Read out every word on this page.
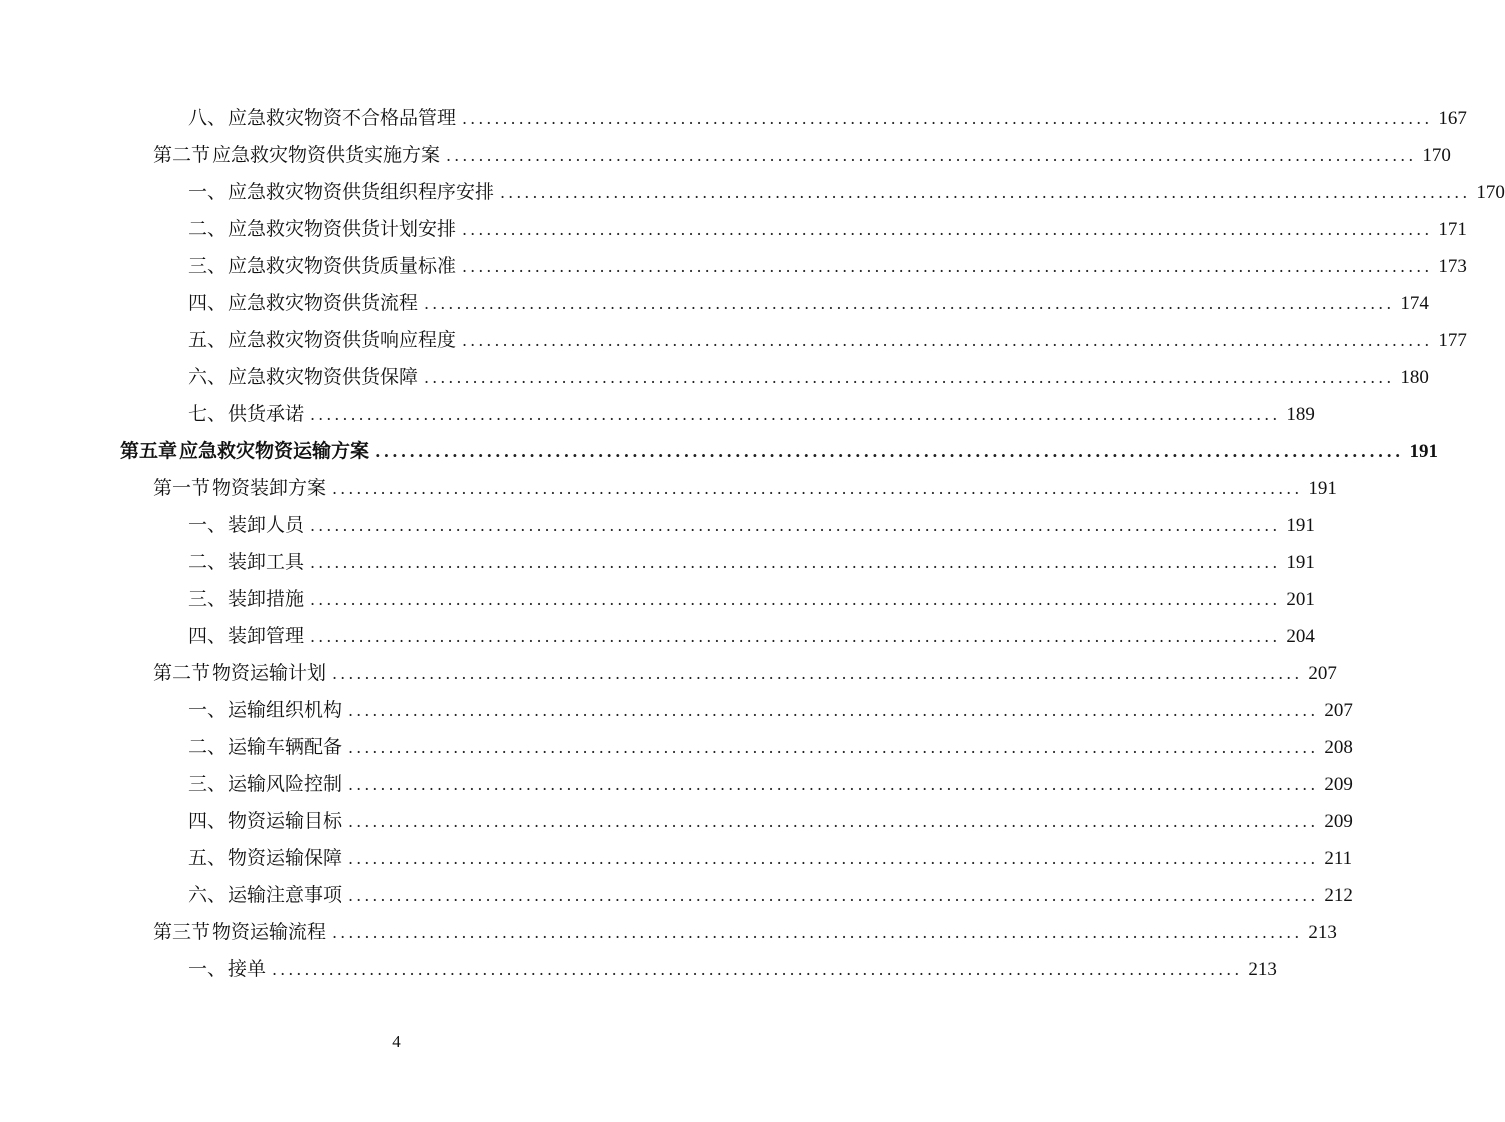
八、 应急救灾物资不合格品管理 ........................................................................................................................ 167
第二节 应急救灾物资供货实施方案 ........................................................................................................................ 170
一、 应急救灾物资供货组织程序安排 ........................................................................................................................ 170
二、 应急救灾物资供货计划安排 ........................................................................................................................ 171
三、 应急救灾物资供货质量标准 ........................................................................................................................ 173
四、 应急救灾物资供货流程 ........................................................................................................................ 174
五、 应急救灾物资供货响应程度 ........................................................................................................................ 177
六、 应急救灾物资供货保障 ........................................................................................................................ 180
七、 供货承诺 ........................................................................................................................ 189
第五章 应急救灾物资运输方案 ........................................................................................................................ 191
第一节 物资装卸方案 ........................................................................................................................ 191
一、 装卸人员 ........................................................................................................................ 191
二、 装卸工具 ........................................................................................................................ 191
三、 装卸措施 ........................................................................................................................ 201
四、 装卸管理 ........................................................................................................................ 204
第二节 物资运输计划 ........................................................................................................................ 207
一、 运输组织机构 ........................................................................................................................ 207
二、 运输车辆配备 ........................................................................................................................ 208
三、 运输风险控制 ........................................................................................................................ 209
四、 物资运输目标 ........................................................................................................................ 209
五、 物资运输保障 ........................................................................................................................ 211
六、 运输注意事项 ........................................................................................................................ 212
第三节 物资运输流程 ........................................................................................................................ 213
一、 接单 ........................................................................................................................ 213
4
